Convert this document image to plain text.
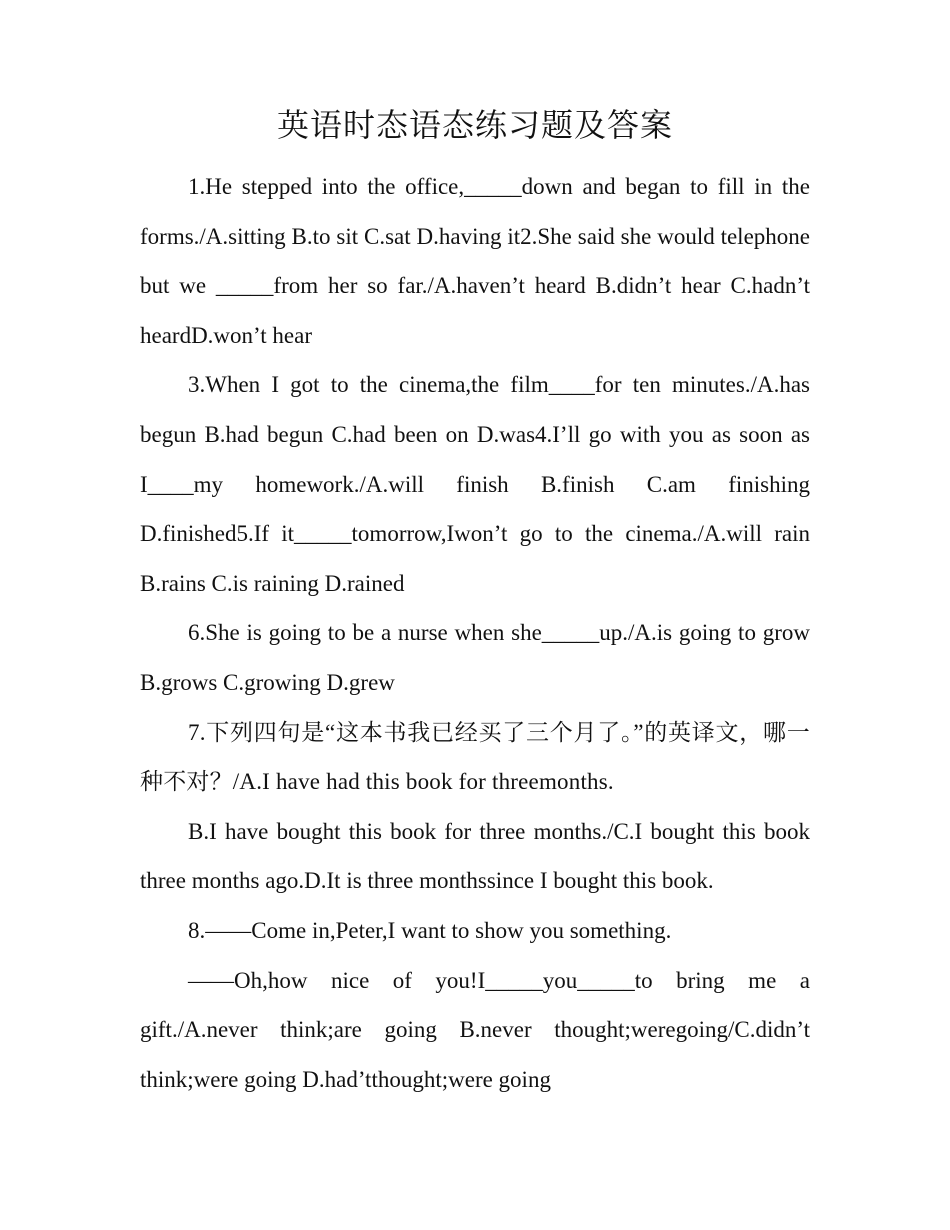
英语时态语态练习题及答案

1.He stepped into the office,_____down and began to fill in the forms./A.sitting B.to sit C.sat D.having it2.She said she would telephone but we _____from her so far./A.haven’t heard B.didn’t hear C.hadn’t heardD.won’t hear

3.When I got to the cinema,the film____for ten minutes./A.has begun B.had begun C.had been on D.was4.I’ll go with you as soon as I____my homework./A.will finish B.finish C.am finishing D.finished5.If it_____tomorrow,Iwon’t go to the cinema./A.will rain B.rains C.is raining D.rained

6.She is going to be a nurse when she_____up./A.is going to grow B.grows C.growing D.grew

7.下列四句是“这本书我已经买了三个月了。”的英译文，哪一种不对？/A.I have had this book for threemonths.

B.I have bought this book for three months./C.I bought this book three months ago.D.It is three monthssince I bought this book.

8.——Come in,Peter,I want to show you something.

——Oh,how nice of you!I_____you_____to bring me a gift./A.never think;are going B.never thought;weregoing/C.didn’t think;were going D.had’tthought;were going
